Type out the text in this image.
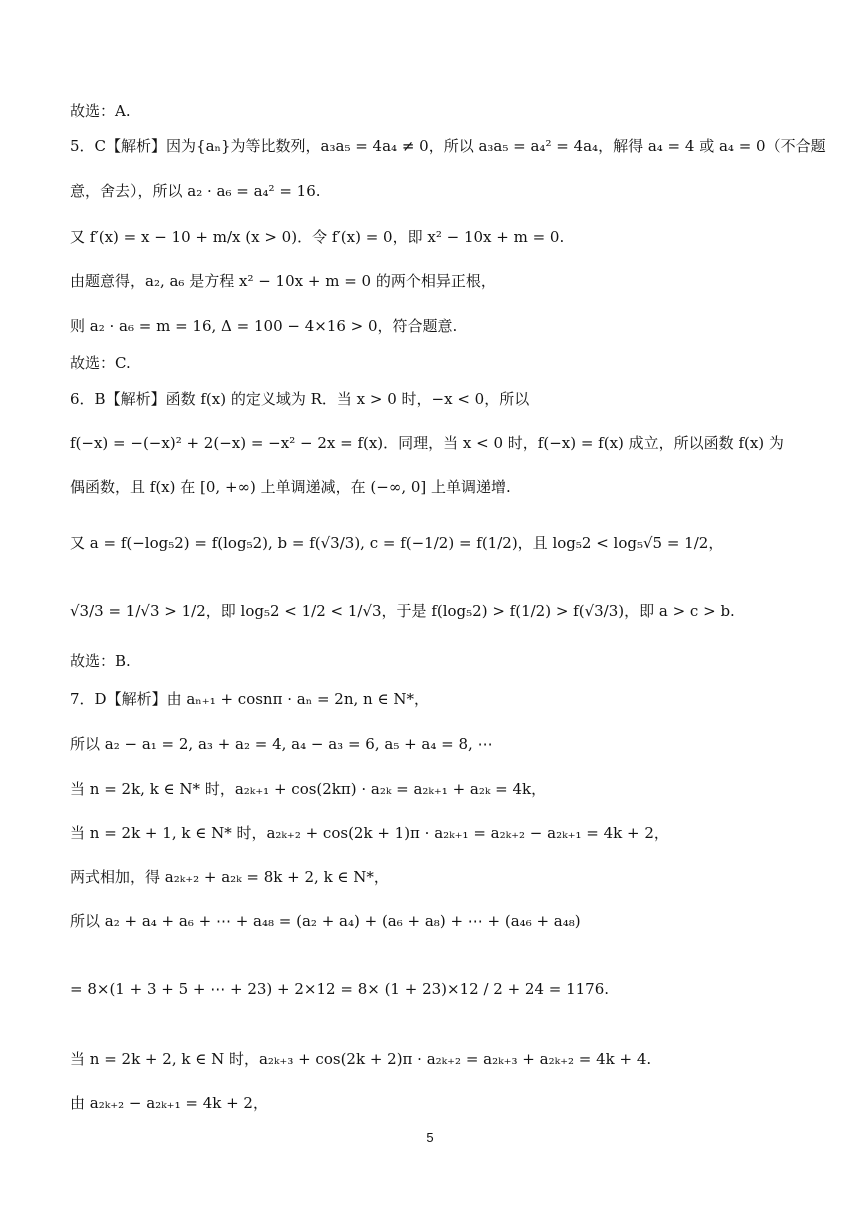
故选：A.
5．C【解析】因为{aₙ}为等比数列，a₃a₅ = 4a₄ ≠ 0，所以 a₃a₅ = a₄² = 4a₄，解得 a₄ = 4 或 a₄ = 0（不合题
意，舍去），所以 a₂ · a₆ = a₄² = 16.
又 f′(x) = x − 10 + m/x (x > 0)．令 f′(x) = 0，即 x² − 10x + m = 0.
由题意得，a₂, a₆ 是方程 x² − 10x + m = 0 的两个相异正根，
则 a₂ · a₆ = m = 16, Δ = 100 − 4×16 > 0，符合题意.
故选：C.
6．B【解析】函数 f(x) 的定义域为 R．当 x > 0 时，−x < 0，所以
f(−x) = −(−x)² + 2(−x) = −x² − 2x = f(x)．同理，当 x < 0 时，f(−x) = f(x) 成立，所以函数 f(x) 为
偶函数，且 f(x) 在 [0, +∞) 上单调递减，在 (−∞, 0] 上单调递增.
又 a = f(−log₅2) = f(log₅2), b = f(√3/3), c = f(−1/2) = f(1/2)，且 log₅2 < log₅√5 = 1/2，
√3/3 = 1/√3 > 1/2，即 log₅2 < 1/2 < 1/√3，于是 f(log₅2) > f(1/2) > f(√3/3)，即 a > c > b.
故选：B.
7．D【解析】由 aₙ₊₁ + cosnπ · aₙ = 2n, n ∈ N*，
所以 a₂ − a₁ = 2, a₃ + a₂ = 4, a₄ − a₃ = 6, a₅ + a₄ = 8, ⋯
当 n = 2k, k ∈ N* 时，a₂ₖ₊₁ + cos(2kπ) · a₂ₖ = a₂ₖ₊₁ + a₂ₖ = 4k，
当 n = 2k + 1, k ∈ N* 时，a₂ₖ₊₂ + cos(2k + 1)π · a₂ₖ₊₁ = a₂ₖ₊₂ − a₂ₖ₊₁ = 4k + 2，
两式相加，得 a₂ₖ₊₂ + a₂ₖ = 8k + 2, k ∈ N*，
所以 a₂ + a₄ + a₆ + ⋯ + a₄₈ = (a₂ + a₄) + (a₆ + a₈) + ⋯ + (a₄₆ + a₄₈)
= 8×(1 + 3 + 5 + ⋯ + 23) + 2×12 = 8× (1 + 23)×12 / 2 + 24 = 1176.
当 n = 2k + 2, k ∈ N 时，a₂ₖ₊₃ + cos(2k + 2)π · a₂ₖ₊₂ = a₂ₖ₊₃ + a₂ₖ₊₂ = 4k + 4.
由 a₂ₖ₊₂ − a₂ₖ₊₁ = 4k + 2，
5
